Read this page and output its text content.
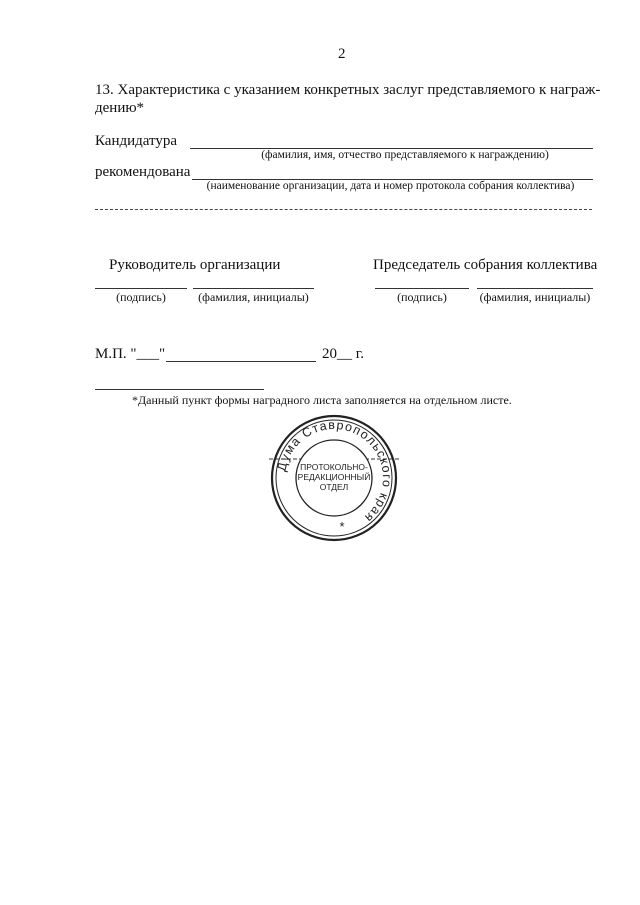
2
13. Характеристика с указанием конкретных заслуг представляемого к награж-
дению*
Кандидатура
(фамилия, имя, отчество представляемого к награждению)
рекомендована
(наименование организации, дата и номер протокола собрания коллектива)
Руководитель организации	Председатель собрания коллектива
(подпись)	(фамилия, инициалы)	(подпись)	(фамилия, инициалы)
М.П. "___"	20__ г.
*Данный пункт формы наградного листа заполняется на отдельном листе.
Дума Ставропольского края
ПРОТОКОЛЬНО-
РЕДАКЦИОННЫЙ
ОТДЕЛ
*
